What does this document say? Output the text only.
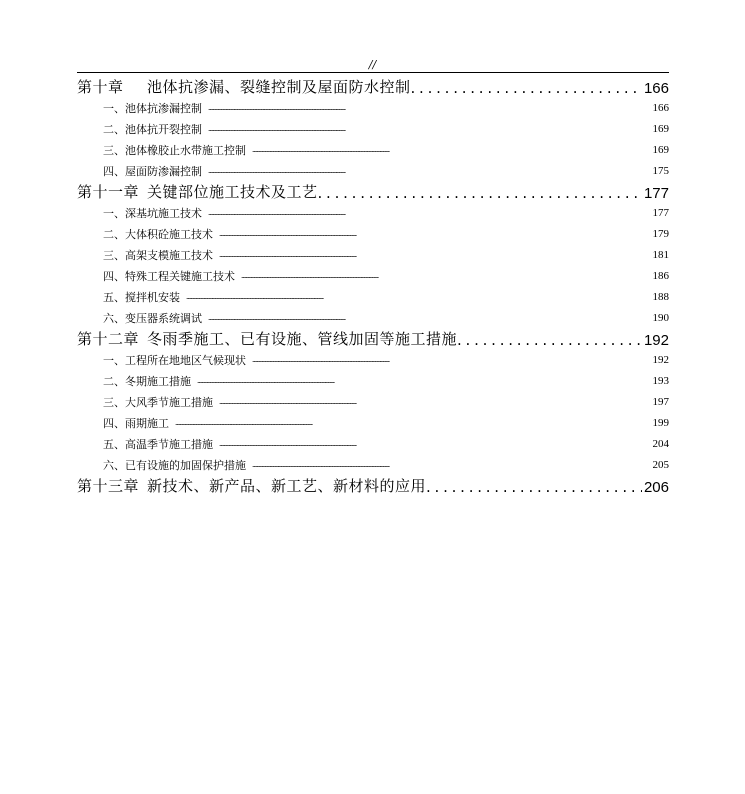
//
第十章 池体抗渗漏、裂缝控制及屋面防水控制 . . .	166
一、池体抗渗漏控制 . . .	166
二、池体抗开裂控制 . . .	169
三、池体橡胶止水带施工控制 . . .	169
四、屋面防渗漏控制 . . .	175
第十一章 关键部位施工技术及工艺 . . .	177
一、深基坑施工技术 . . .	177
二、大体积砼施工技术 . . .	179
三、高架支模施工技术 . . .	181
四、特殊工程关键施工技术 . . .	186
五、搅拌机安装 . . .	188
六、变压器系统调试 . . .	190
第十二章 冬雨季施工、已有设施、管线加固等施工措施 . . .	192
一、工程所在地地区气候现状 . . .	192
二、冬期施工措施 . . .	193
三、大风季节施工措施 . . .	197
四、雨期施工 . . .	199
五、高温季节施工措施 . . .	204
六、已有设施的加固保护措施 . . .	205
第十三章 新技术、新产品、新工艺、新材料的应用 . . .	206
